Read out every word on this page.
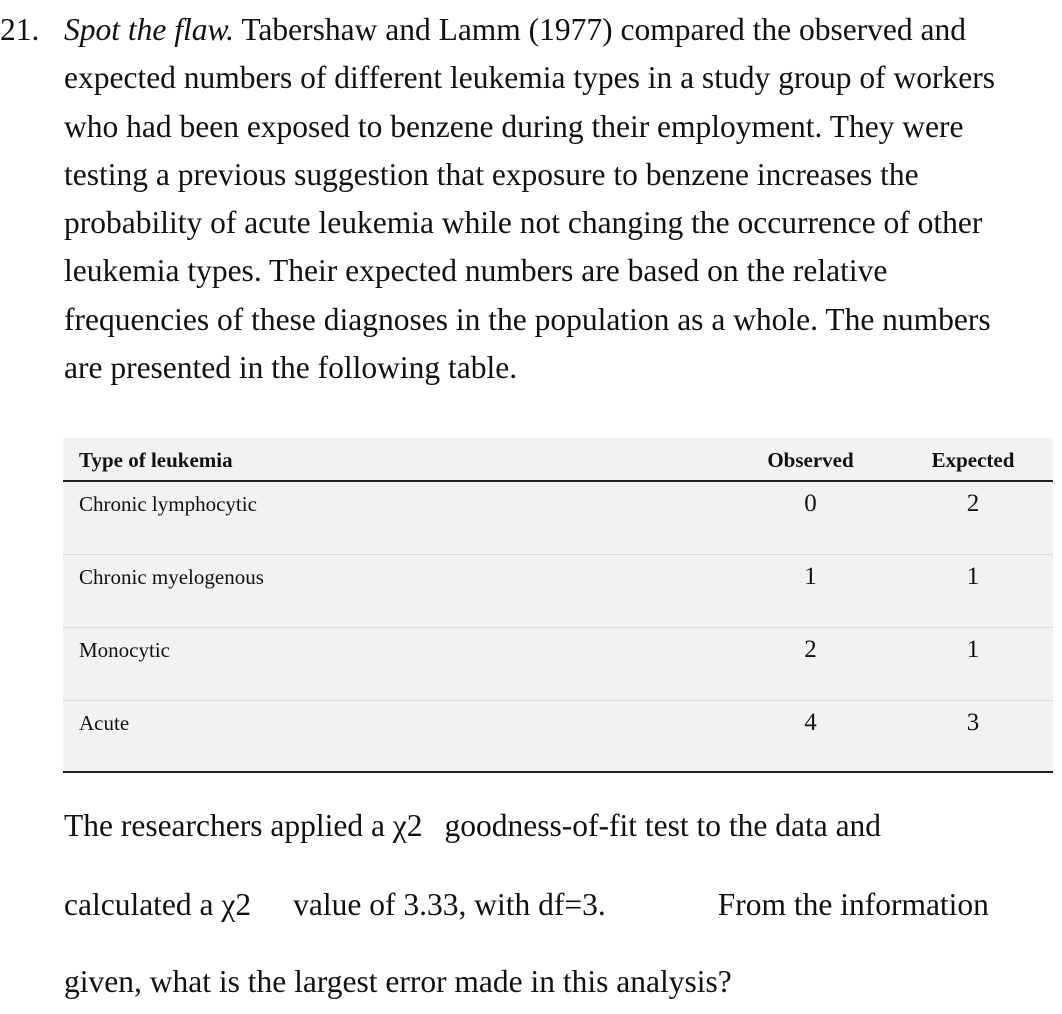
21. Spot the flaw. Tabershaw and Lamm (1977) compared the observed and
expected numbers of different leukemia types in a study group of workers
who had been exposed to benzene during their employment. They were
testing a previous suggestion that exposure to benzene increases the
probability of acute leukemia while not changing the occurrence of other
leukemia types. Their expected numbers are based on the relative
frequencies of these diagnoses in the population as a whole. The numbers
are presented in the following table.
Type of leukemia	Observed	Expected
Chronic lymphocytic	0	2
Chronic myelogenous	1	1
Monocytic	2	1
Acute	4	3
The researchers applied a χ2 goodness-of-fit test to the data and
calculated a χ2 value of 3.33, with df=3.	From the information
given, what is the largest error made in this analysis?
